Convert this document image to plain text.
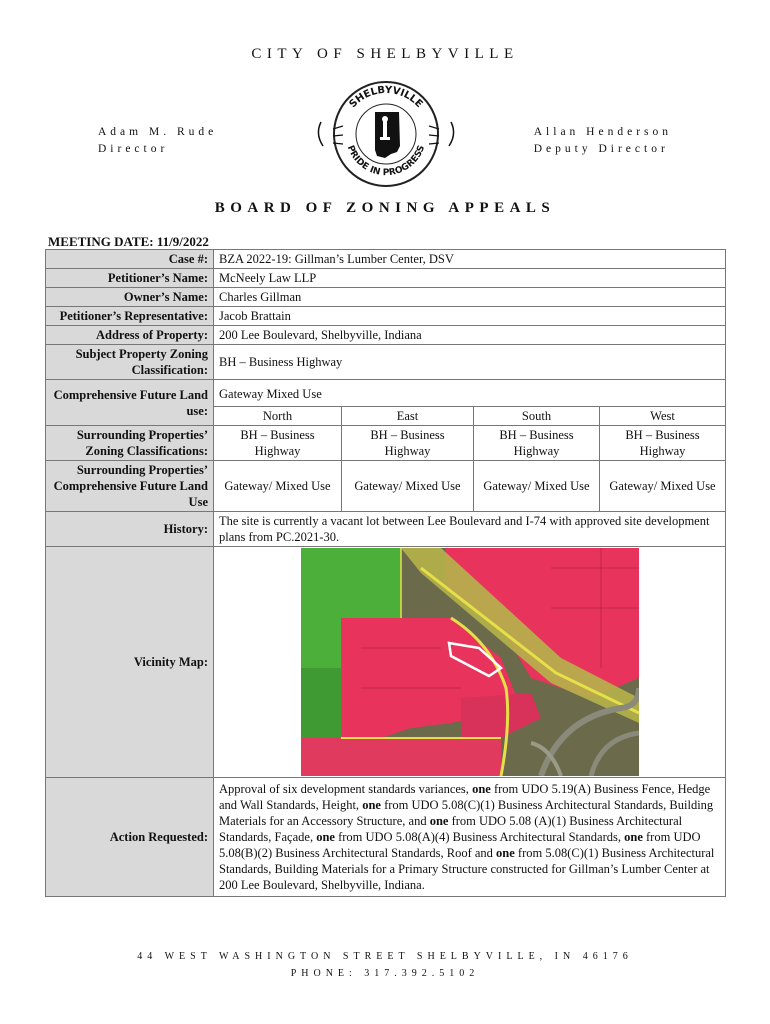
CITY OF SHELBYVILLE
Adam M. Rude
Director
Allan Henderson
Deputy Director
SHELBYVILLE
PRIDE IN PROGRESS
BOARD OF ZONING APPEALS
MEETING DATE: 11/9/2022
Case #:	BZA 2022-19: Gillman’s Lumber Center, DSV			
Petitioner’s Name:	McNeely Law LLP			
Owner’s Name:	Charles Gillman			
Petitioner’s Representative:	Jacob Brattain			
Address of Property:	200 Lee Boulevard, Shelbyville, Indiana			
Subject Property Zoning Classification:	BH – Business Highway			
Comprehensive Future Land use:	Gateway Mixed Use			
	North	East	South	West
Surrounding Properties’ Zoning Classifications:	BH – Business Highway	BH – Business Highway	BH – Business Highway	BH – Business Highway
Surrounding Properties’ Comprehensive Future Land Use	Gateway/ Mixed Use	Gateway/ Mixed Use	Gateway/ Mixed Use	Gateway/ Mixed Use
History:	The site is currently a vacant lot between Lee Boulevard and I-74 with approved site development plans from PC.2021-30.			
Vicinity Map:	

Action Requested:	Approval of six development standards variances, one from UDO 5.19(A) Business Fence, Hedge and Wall Standards, Height, one from UDO 5.08(C)(1) Business Architectural Standards, Building Materials for an Accessory Structure, and one from UDO 5.08 (A)(1) Business Architectural Standards, Façade, one from UDO 5.08(A)(4) Business Architectural Standards, one from UDO 5.08(B)(2) Business Architectural Standards, Roof and one from 5.08(C)(1) Business Architectural Standards, Building Materials for a Primary Structure constructed for Gillman’s Lumber Center at 200 Lee Boulevard, Shelbyville, Indiana.			
44 WEST WASHINGTON STREET SHELBYVILLE, IN 46176
PHONE: 317.392.5102
